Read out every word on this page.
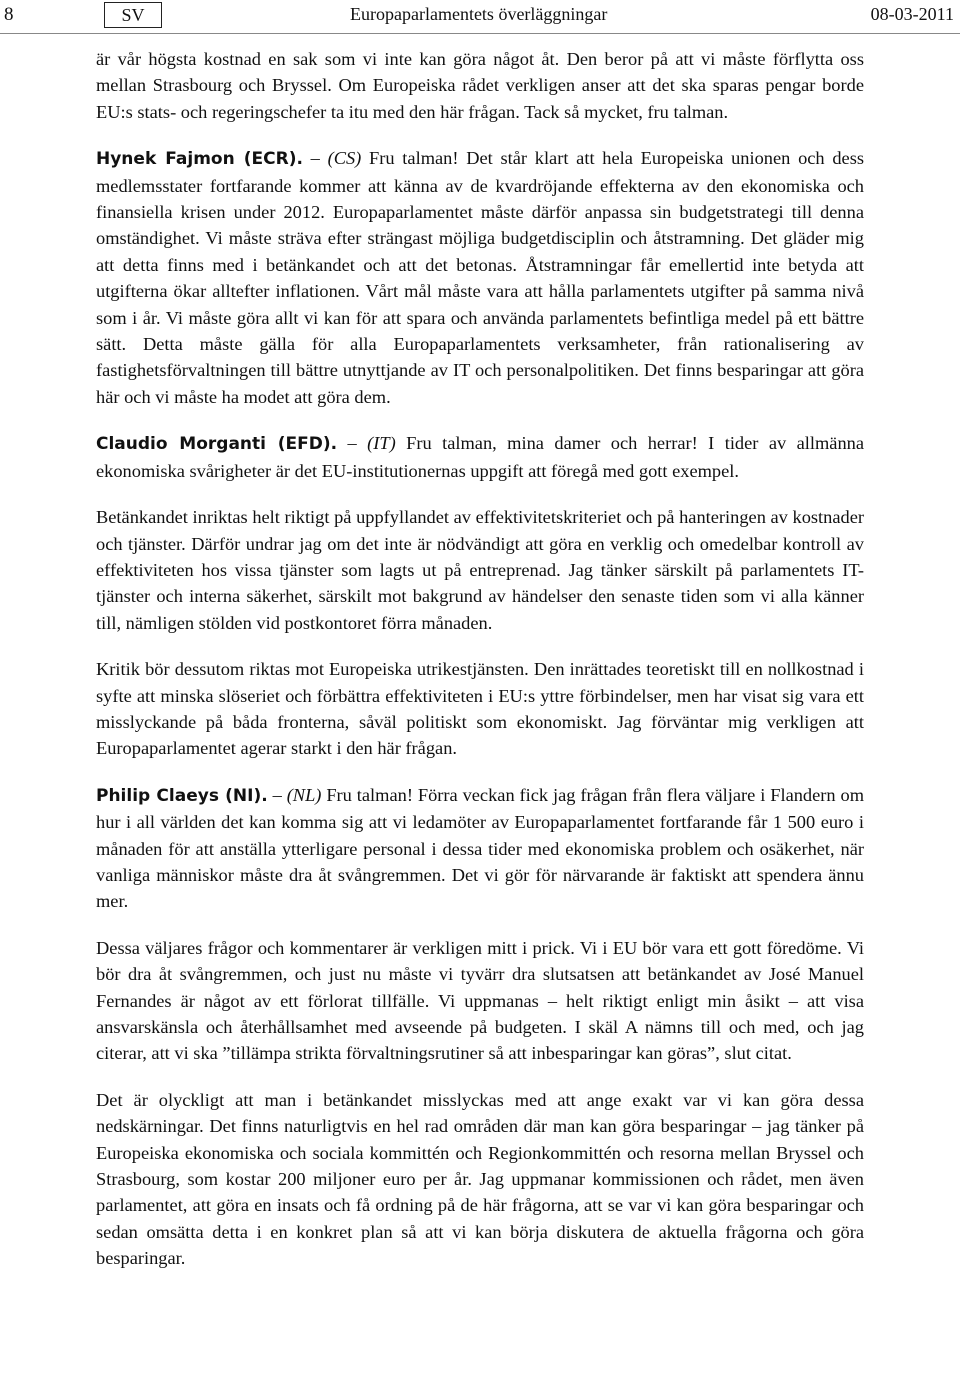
8	SV	Europaparlamentets överläggningar	08-03-2011

är vår högsta kostnad en sak som vi inte kan göra något åt. Den beror på att vi måste förflytta oss mellan Strasbourg och Bryssel. Om Europeiska rådet verkligen anser att det ska sparas pengar borde EU:s stats- och regeringschefer ta itu med den här frågan. Tack så mycket, fru talman.

Hynek Fajmon (ECR). – (CS) Fru talman! Det står klart att hela Europeiska unionen och dess medlemsstater fortfarande kommer att känna av de kvardröjande effekterna av den ekonomiska och finansiella krisen under 2012. Europaparlamentet måste därför anpassa sin budgetstrategi till denna omständighet. Vi måste sträva efter strängast möjliga budgetdisciplin och åtstramning. Det gläder mig att detta finns med i betänkandet och att det betonas. Åtstramningar får emellertid inte betyda att utgifterna ökar alltefter inflationen. Vårt mål måste vara att hålla parlamentets utgifter på samma nivå som i år. Vi måste göra allt vi kan för att spara och använda parlamentets befintliga medel på ett bättre sätt. Detta måste gälla för alla Europaparlamentets verksamheter, från rationalisering av fastighetsförvaltningen till bättre utnyttjande av IT och personalpolitiken. Det finns besparingar att göra här och vi måste ha modet att göra dem.

Claudio Morganti (EFD). – (IT) Fru talman, mina damer och herrar! I tider av allmänna ekonomiska svårigheter är det EU-institutionernas uppgift att föregå med gott exempel.

Betänkandet inriktas helt riktigt på uppfyllandet av effektivitetskriteriet och på hanteringen av kostnader och tjänster. Därför undrar jag om det inte är nödvändigt att göra en verklig och omedelbar kontroll av effektiviteten hos vissa tjänster som lagts ut på entreprenad. Jag tänker särskilt på parlamentets IT-tjänster och interna säkerhet, särskilt mot bakgrund av händelser den senaste tiden som vi alla känner till, nämligen stölden vid postkontoret förra månaden.

Kritik bör dessutom riktas mot Europeiska utrikestjänsten. Den inrättades teoretiskt till en nollkostnad i syfte att minska slöseriet och förbättra effektiviteten i EU:s yttre förbindelser, men har visat sig vara ett misslyckande på båda fronterna, såväl politiskt som ekonomiskt. Jag förväntar mig verkligen att Europaparlamentet agerar starkt i den här frågan.

Philip Claeys (NI). – (NL) Fru talman! Förra veckan fick jag frågan från flera väljare i Flandern om hur i all världen det kan komma sig att vi ledamöter av Europaparlamentet fortfarande får 1 500 euro i månaden för att anställa ytterligare personal i dessa tider med ekonomiska problem och osäkerhet, när vanliga människor måste dra åt svångremmen. Det vi gör för närvarande är faktiskt att spendera ännu mer.

Dessa väljares frågor och kommentarer är verkligen mitt i prick. Vi i EU bör vara ett gott föredöme. Vi bör dra åt svångremmen, och just nu måste vi tyvärr dra slutsatsen att betänkandet av José Manuel Fernandes är något av ett förlorat tillfälle. Vi uppmanas – helt riktigt enligt min åsikt – att visa ansvarskänsla och återhållsamhet med avseende på budgeten. I skäl A nämns till och med, och jag citerar, att vi ska ”tillämpa strikta förvaltningsrutiner så att inbesparingar kan göras”, slut citat.

Det är olyckligt att man i betänkandet misslyckas med att ange exakt var vi kan göra dessa nedskärningar. Det finns naturligtvis en hel rad områden där man kan göra besparingar – jag tänker på Europeiska ekonomiska och sociala kommittén och Regionkommittén och resorna mellan Bryssel och Strasbourg, som kostar 200 miljoner euro per år. Jag uppmanar kommissionen och rådet, men även parlamentet, att göra en insats och få ordning på de här frågorna, att se var vi kan göra besparingar och sedan omsätta detta i en konkret plan så att vi kan börja diskutera de aktuella frågorna och göra besparingar.
